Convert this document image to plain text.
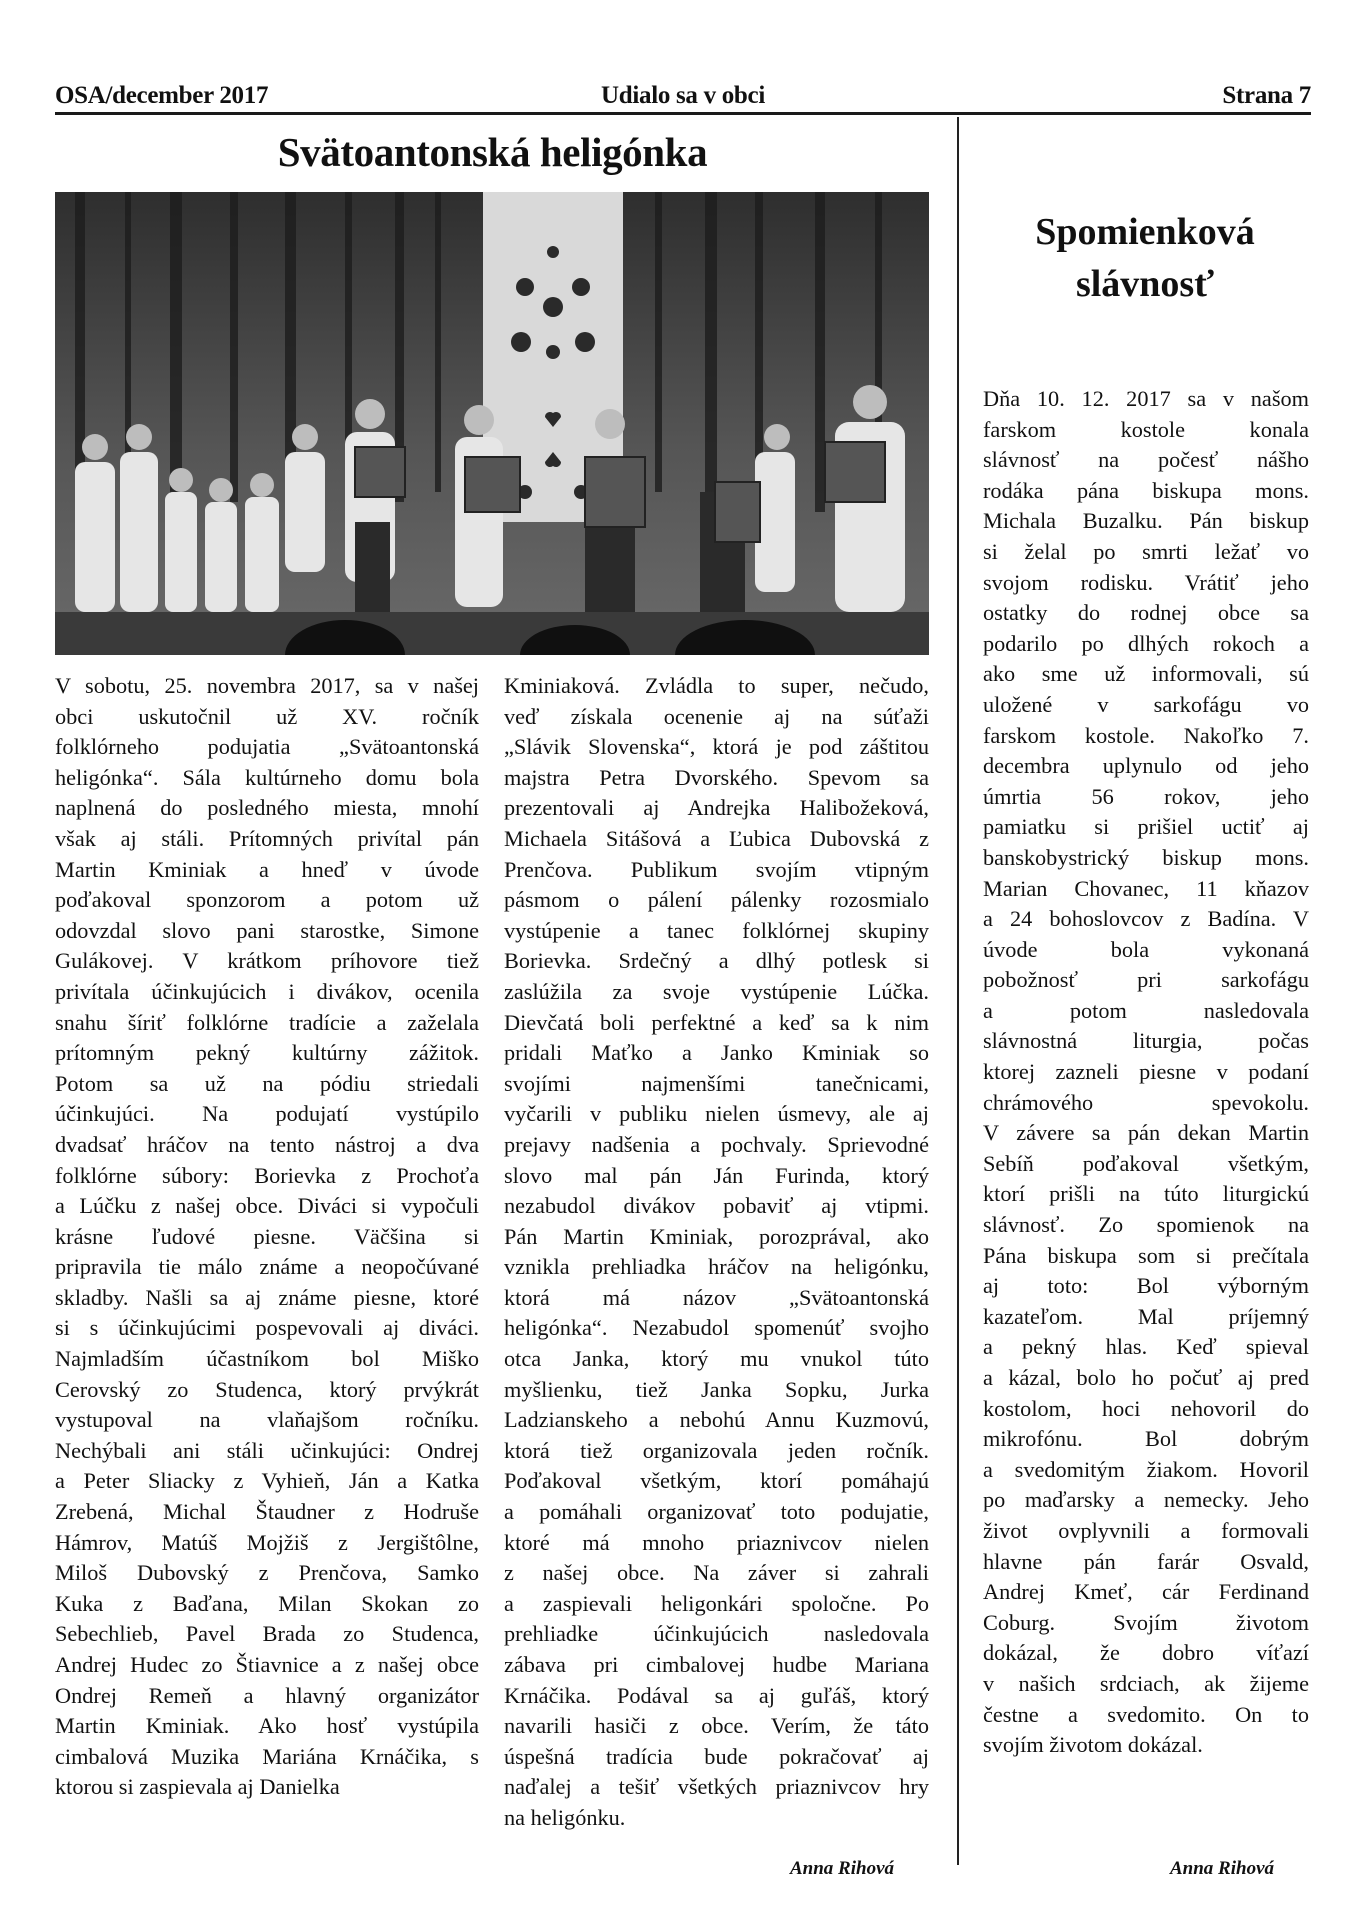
OSA/december 2017	Udialo sa v obci	Strana 7
Svätoantonská heligónka
V sobotu, 25. novembra 2017, sa v našej
obci uskutočnil už XV. ročník
folklórneho podujatia „Svätoantonská
heligónka“. Sála kultúrneho domu bola
naplnená do posledného miesta, mnohí
však aj stáli. Prítomných privítal pán
Martin Kminiak a hneď v úvode
poďakoval sponzorom a potom už
odovzdal slovo pani starostke, Simone
Gulákovej. V krátkom príhovore tiež
privítala účinkujúcich i divákov, ocenila
snahu šíriť folklórne tradície a zaželala
prítomným pekný kultúrny zážitok.
Potom sa už na pódiu striedali
účinkujúci. Na podujatí vystúpilo
dvadsať hráčov na tento nástroj a dva
folklórne súbory: Borievka z Prochoťa
a Lúčku z našej obce. Diváci si vypočuli
krásne ľudové piesne. Väčšina si
pripravila tie málo známe a neopočúvané
skladby. Našli sa aj známe piesne, ktoré
si s účinkujúcimi pospevovali aj diváci.
Najmladším účastníkom bol Miško
Cerovský zo Studenca, ktorý prvýkrát
vystupoval na vlaňajšom ročníku.
Nechýbali ani stáli učinkujúci: Ondrej
a Peter Sliacky z Vyhieň, Ján a Katka
Zrebená, Michal Štaudner z Hodruše
Hámrov, Matúš Mojžiš z Jergištôlne,
Miloš Dubovský z Prenčova, Samko
Kuka z Baďana, Milan Skokan zo
Sebechlieb, Pavel Brada zo Studenca,
Andrej Hudec zo Štiavnice a z našej obce
Ondrej Remeň a hlavný organizátor
Martin Kminiak. Ako hosť vystúpila
cimbalová Muzika Mariána Krnáčika, s
ktorou si zaspievala aj Danielka
Kminiaková. Zvládla to super, nečudo,
veď získala ocenenie aj na súťaži
„Slávik Slovenska“, ktorá je pod záštitou
majstra Petra Dvorského. Spevom sa
prezentovali aj Andrejka Halibožeková,
Michaela Sitášová a Ľubica Dubovská z
Prenčova. Publikum svojím vtipným
pásmom o pálení pálenky rozosmialo
vystúpenie a tanec folklórnej skupiny
Borievka. Srdečný a dlhý potlesk si
zaslúžila za svoje vystúpenie Lúčka.
Dievčatá boli perfektné a keď sa k nim
pridali Maťko a Janko Kminiak so
svojími najmenšími tanečnicami,
vyčarili v publiku nielen úsmevy, ale aj
prejavy nadšenia a pochvaly. Sprievodné
slovo mal pán Ján Furinda, ktorý
nezabudol divákov pobaviť aj vtipmi.
Pán Martin Kminiak, porozprával, ako
vznikla prehliadka hráčov na heligónku,
ktorá má názov „Svätoantonská
heligónka“. Nezabudol spomenúť svojho
otca Janka, ktorý mu vnukol túto
myšlienku, tiež Janka Sopku, Jurka
Ladzianskeho a nebohú Annu Kuzmovú,
ktorá tiež organizovala jeden ročník.
Poďakoval všetkým, ktorí pomáhajú
a pomáhali organizovať toto podujatie,
ktoré má mnoho priaznivcov nielen
z našej obce. Na záver si zahrali
a zaspievali heligonkári spoločne. Po
prehliadke účinkujúcich nasledovala
zábava pri cimbalovej hudbe Mariana
Krnáčika. Podával sa aj guľáš, ktorý
navarili hasiči z obce. Verím, že táto
úspešná tradícia bude pokračovať aj
naďalej a tešiť všetkých priaznivcov hry
na heligónku.
Anna Rihová
Spomienková
slávnosť
Dňa 10. 12. 2017 sa v našom
farskom kostole konala
slávnosť na počesť nášho
rodáka pána biskupa mons.
Michala Buzalku. Pán biskup
si želal po smrti ležať vo
svojom rodisku. Vrátiť jeho
ostatky do rodnej obce sa
podarilo po dlhých rokoch a
ako sme už informovali, sú
uložené v sarkofágu vo
farskom kostole. Nakoľko 7.
decembra uplynulo od jeho
úmrtia 56 rokov, jeho
pamiatku si prišiel uctiť aj
banskobystrický biskup mons.
Marian Chovanec, 11 kňazov
a 24 bohoslovcov z Badína. V
úvode bola vykonaná
pobožnosť pri sarkofágu
a potom nasledovala
slávnostná liturgia, počas
ktorej zazneli piesne v podaní
chrámového spevokolu.
V závere sa pán dekan Martin
Sebíň poďakoval všetkým,
ktorí prišli na túto liturgickú
slávnosť. Zo spomienok na
Pána biskupa som si prečítala
aj toto: Bol výborným
kazateľom. Mal príjemný
a pekný hlas. Keď spieval
a kázal, bolo ho počuť aj pred
kostolom, hoci nehovoril do
mikrofónu. Bol dobrým
a svedomitým žiakom. Hovoril
po maďarsky a nemecky. Jeho
život ovplyvnili a formovali
hlavne pán farár Osvald,
Andrej Kmeť, cár Ferdinand
Coburg. Svojím životom
dokázal, že dobro víťazí
v našich srdciach, ak žijeme
čestne a svedomito. On to
svojím životom dokázal.
Anna Rihová
